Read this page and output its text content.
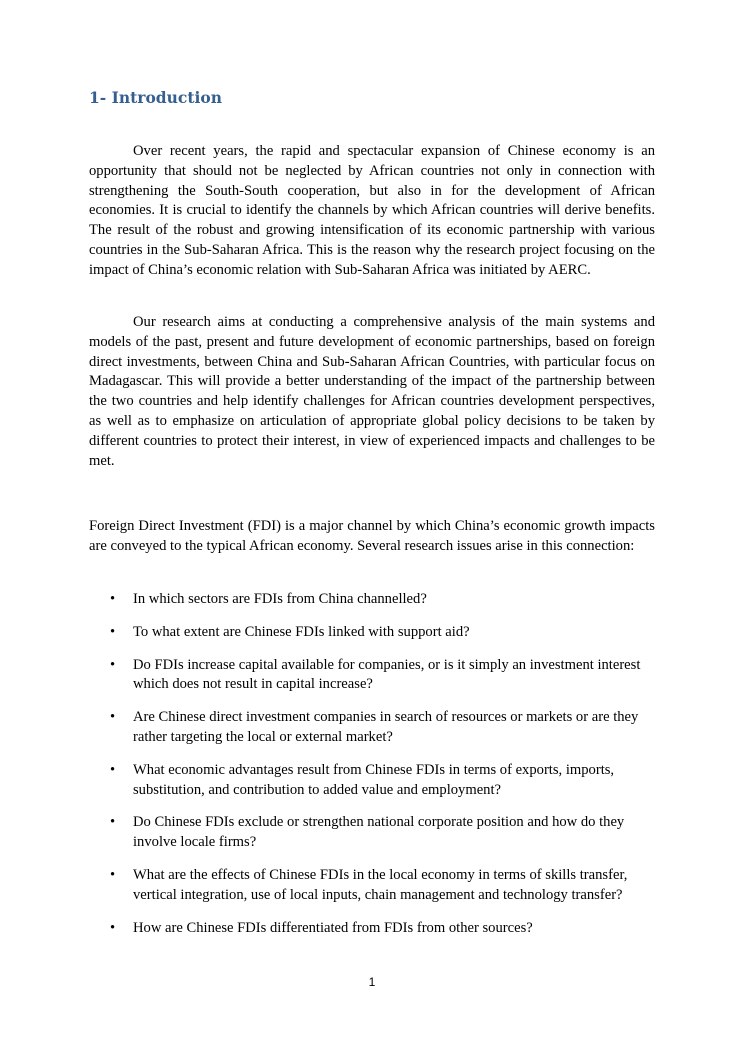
1- Introduction

Over recent years, the rapid and spectacular expansion of Chinese economy is an opportunity that should not be neglected by African countries not only in connection with strengthening the South-South cooperation, but also in for the development of African economies. It is crucial to identify the channels by which African countries will derive benefits. The result of the robust and growing intensification of its economic partnership with various countries in the Sub-Saharan Africa. This is the reason why the research project focusing on the impact of China’s economic relation with Sub-Saharan Africa was initiated by AERC.

Our research aims at conducting a comprehensive analysis of the main systems and models of the past, present and future development of economic partnerships, based on foreign direct investments, between China and Sub-Saharan African Countries, with particular focus on Madagascar. This will provide a better understanding of the impact of the partnership between the two countries and help identify challenges for African countries development perspectives, as well as to emphasize on articulation of appropriate global policy decisions to be taken by different countries to protect their interest, in view of experienced impacts and challenges to be met.

Foreign Direct Investment (FDI) is a major channel by which China’s economic growth impacts are conveyed to the typical African economy. Several research issues arise in this connection:

• In which sectors are FDIs from China channelled?
• To what extent are Chinese FDIs linked with support aid?
• Do FDIs increase capital available for companies, or is it simply an investment interest which does not result in capital increase?
• Are Chinese direct investment companies in search of resources or markets or are they rather targeting the local or external market?
• What economic advantages result from Chinese FDIs in terms of exports, imports, substitution, and contribution to added value and employment?
• Do Chinese FDIs exclude or strengthen national corporate position and how do they involve locale firms?
• What are the effects of Chinese FDIs in the local economy in terms of skills transfer, vertical integration, use of local inputs, chain management and technology transfer?
• How are Chinese FDIs differentiated from FDIs from other sources?
1
